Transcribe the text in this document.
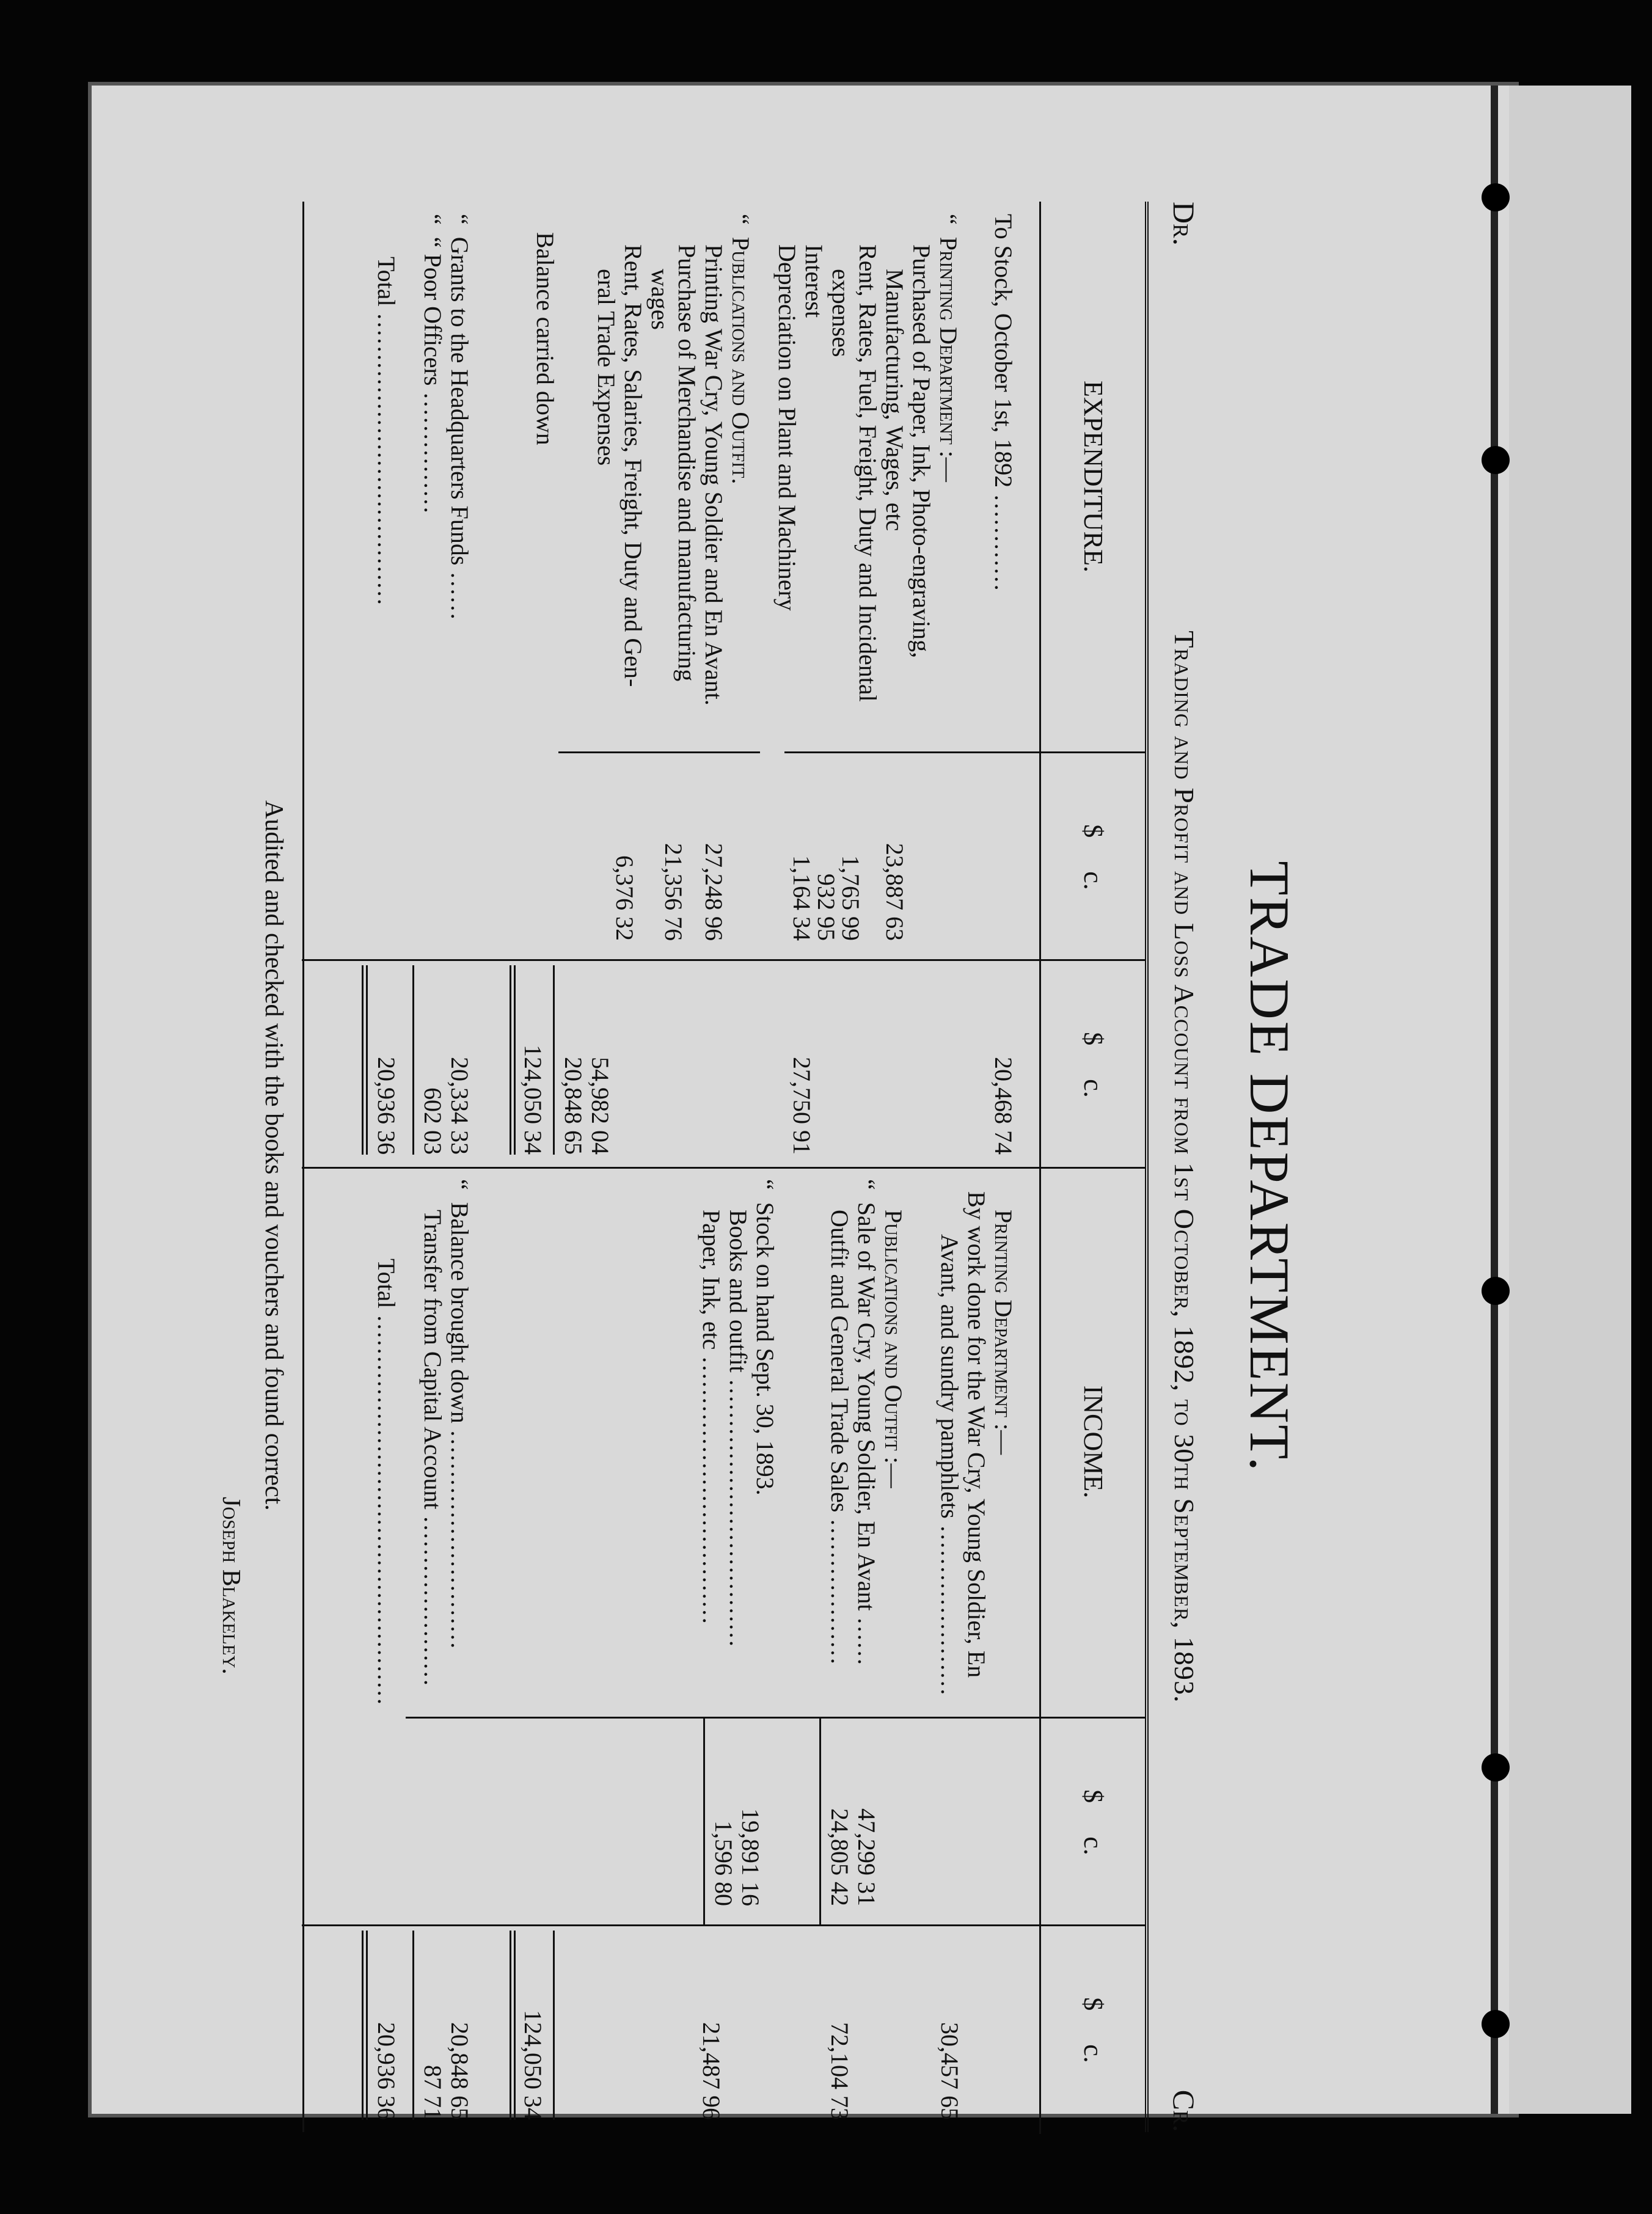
TRADE DEPARTMENT.
Dr.
Trading and Profit and Loss Account from 1st October, 1892, to 30th September, 1893.
Cr.
EXPENDITURE.
$

c.
$

c.
To Stock, October 1st, 1892
…………
20,468 74
“
Printing Department :—
Purchased of Paper, Ink, Photo-engraving,
Manufacturing, Wages, etc
23,887 63
Rent, Rates, Fuel, Freight, Duty and Incidental
expenses
1,765 99
Interest
932 95
Depreciation on Plant and Machinery
1,164 34
27,750 91
“
Publications and Outfit.
Printing War Cry, Young Soldier and En Avant.
27,248 96
Purchase of Merchandise and manufacturing
wages
21,356 76
Rent, Rates, Salaries, Freight, Duty and Gen-
eral Trade Expenses
6,376 32
54,982 04
Balance carried down
20,848 65
124,050 34
“
Grants to the Headquarters Funds
……
20,334 33
“
“ Poor Officers
……………
602 03
Total
………………………………
20,936 36
INCOME.
$

c.
$

c.
Printing Department :—
By work done for the War Cry, Young Soldier, En
Avant, and sundry pamphlets
…………………
30,457 65
Publications and Outfit :—
“
Sale of War Cry, Young Soldier, En Avant
……
47,299 31
Outfit and General Trade Sales
………………
24,805 42
72,104 73
“
Stock on hand Sept. 30, 1893.
Books and outfit
……………………………
19,891 16
Paper, Ink, etc
……………………………
1,596 80
21,487 96
124,050 34
“
Balance brought down
………………………
20,848 65
Transfer from Capital Account
…………………
87 71
Total
…………………………………………
20,936 36
Audited and checked with the books and vouchers and found correct.
Joseph Blakeley.
